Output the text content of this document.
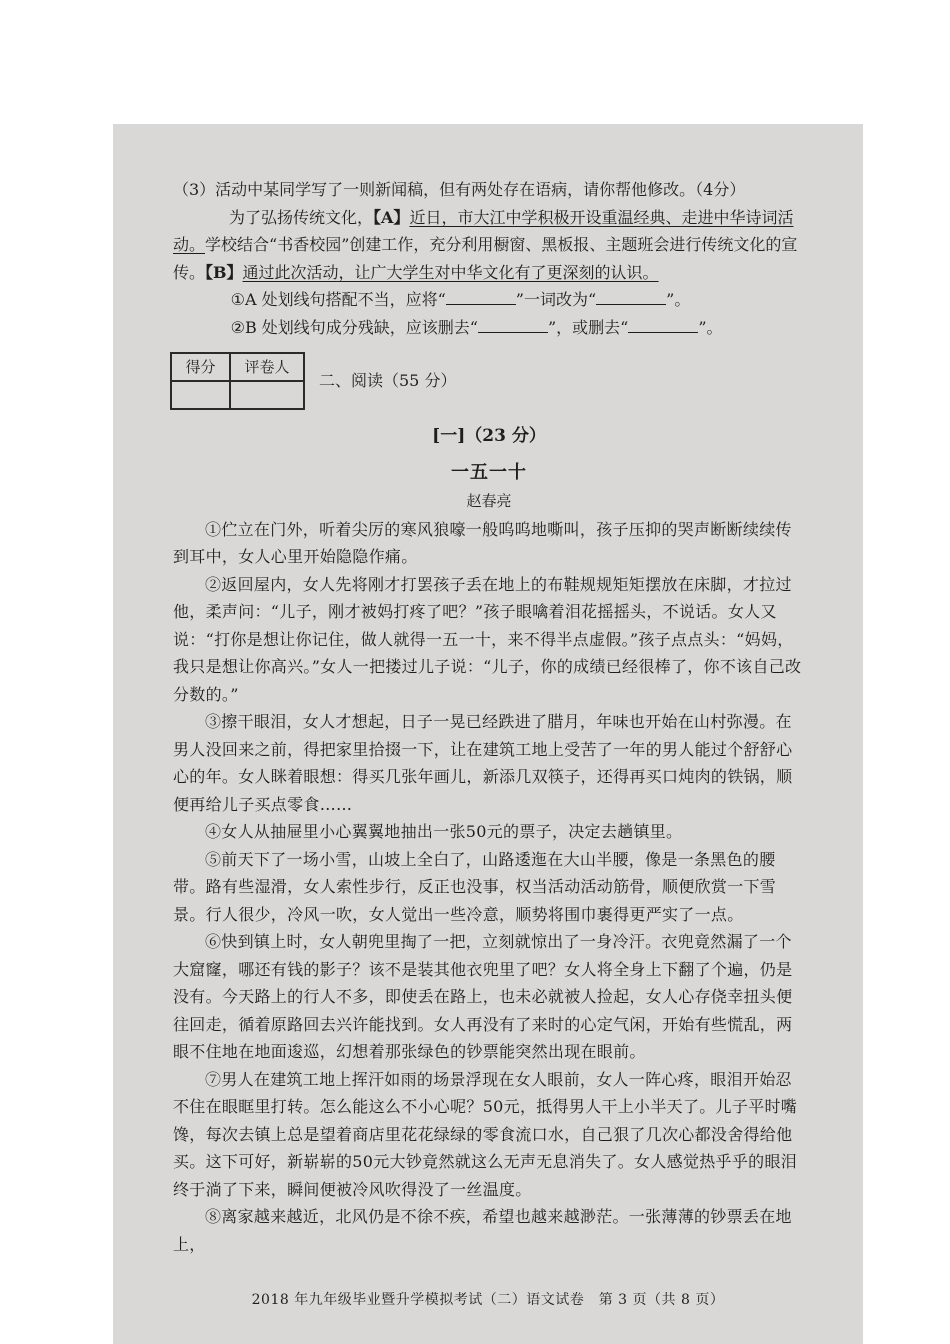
（3）活动中某同学写了一则新闻稿，但有两处存在语病，请你帮他修改。（4分）

为了弘扬传统文化，【A】近日，市大江中学积极开设重温经典、走进中华诗词活动。学校结合“书香校园”创建工作，充分利用橱窗、黑板报、主题班会进行传统文化的宣传。【B】通过此次活动，让广大学生对中华文化有了更深刻的认识。

①A 处划线句搭配不当，应将“	”一词改为“	”。

②B 处划线句成分残缺，应该删去“	”，或删去“	”。

得分	评卷人

二、阅读（55 分）

[一]（23 分）

一五一十

赵春亮

①伫立在门外，听着尖厉的寒风狼嚎一般呜呜地嘶叫，孩子压抑的哭声断断续续传到耳中，女人心里开始隐隐作痛。

②返回屋内，女人先将刚才打罢孩子丢在地上的布鞋规规矩矩摆放在床脚，才拉过他，柔声问：“儿子，刚才被妈打疼了吧？”孩子眼噙着泪花摇摇头，不说话。女人又说：“打你是想让你记住，做人就得一五一十，来不得半点虚假。”孩子点点头：“妈妈，我只是想让你高兴。”女人一把搂过儿子说：“儿子，你的成绩已经很棒了，你不该自己改分数的。”

③擦干眼泪，女人才想起，日子一晃已经跌进了腊月，年味也开始在山村弥漫。在男人没回来之前，得把家里拾掇一下，让在建筑工地上受苦了一年的男人能过个舒舒心心的年。女人眯着眼想：得买几张年画儿，新添几双筷子，还得再买口炖肉的铁锅，顺便再给儿子买点零食……

④女人从抽屉里小心翼翼地抽出一张50元的票子，决定去趟镇里。

⑤前天下了一场小雪，山坡上全白了，山路逶迤在大山半腰，像是一条黑色的腰带。路有些湿滑，女人索性步行，反正也没事，权当活动活动筋骨，顺便欣赏一下雪景。行人很少，冷风一吹，女人觉出一些冷意，顺势将围巾裹得更严实了一点。

⑥快到镇上时，女人朝兜里掏了一把，立刻就惊出了一身冷汗。衣兜竟然漏了一个大窟窿，哪还有钱的影子？该不是装其他衣兜里了吧？女人将全身上下翻了个遍，仍是没有。今天路上的行人不多，即使丢在路上，也未必就被人捡起，女人心存侥幸扭头便往回走，循着原路回去兴许能找到。女人再没有了来时的心定气闲，开始有些慌乱，两眼不住地在地面逡巡，幻想着那张绿色的钞票能突然出现在眼前。

⑦男人在建筑工地上挥汗如雨的场景浮现在女人眼前，女人一阵心疼，眼泪开始忍不住在眼眶里打转。怎么能这么不小心呢？50元，抵得男人干上小半天了。儿子平时嘴馋，每次去镇上总是望着商店里花花绿绿的零食流口水，自己狠了几次心都没舍得给他买。这下可好，新崭崭的50元大钞竟然就这么无声无息消失了。女人感觉热乎乎的眼泪终于淌了下来，瞬间便被冷风吹得没了一丝温度。

⑧离家越来越近，北风仍是不徐不疾，希望也越来越渺茫。一张薄薄的钞票丢在地上，

2018 年九年级毕业暨升学模拟考试（二）语文试卷　第 3 页（共 8 页）
